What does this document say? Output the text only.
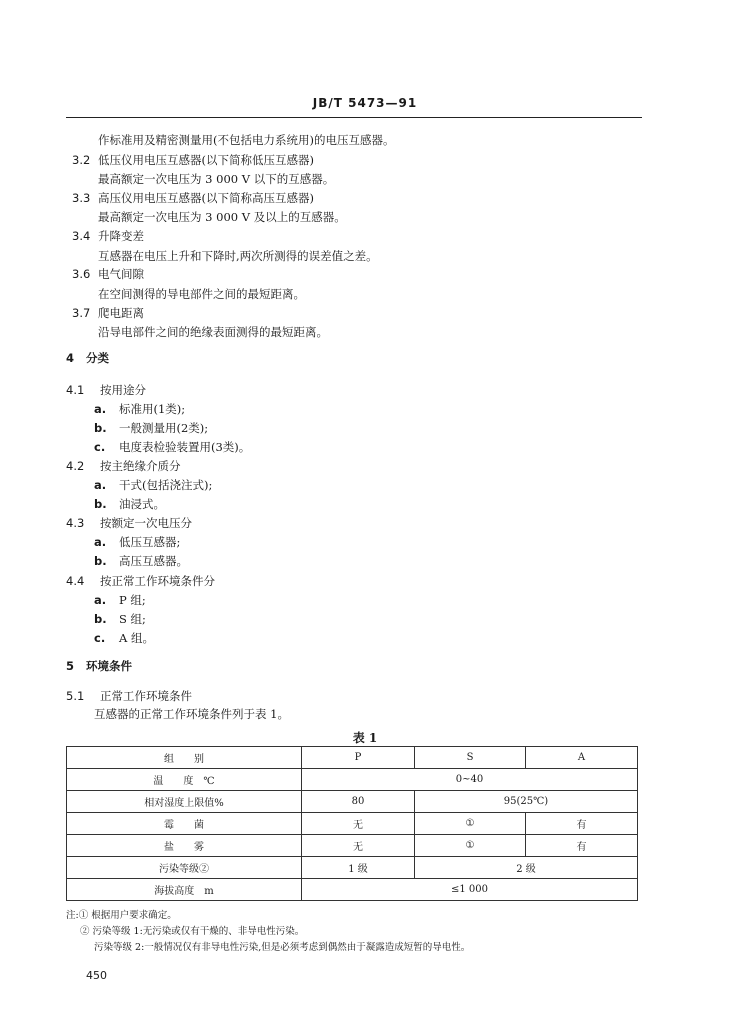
JB/T 5473—91
作标准用及精密测量用(不包括电力系统用)的电压互感器。
3.2 低压仪用电压互感器(以下简称低压互感器)
最高额定一次电压为 3 000 V 以下的互感器。
3.3 高压仪用电压互感器(以下简称高压互感器)
最高额定一次电压为 3 000 V 及以上的互感器。
3.4 升降变差
互感器在电压上升和下降时,两次所测得的误差值之差。
3.6 电气间隙
在空间测得的导电部件之间的最短距离。
3.7 爬电距离
沿导电部件之间的绝缘表面测得的最短距离。
4 分类
4.1 按用途分
a. 标准用(1类);
b. 一般测量用(2类);
c. 电度表检验装置用(3类)。
4.2 按主绝缘介质分
a. 干式(包括浇注式);
b. 油浸式。
4.3 按额定一次电压分
a. 低压互感器;
b. 高压互感器。
4.4 按正常工作环境条件分
a. P 组;
b. S 组;
c. A 组。
5 环境条件
5.1 正常工作环境条件
互感器的正常工作环境条件列于表 1。
表 1
组　　别	P	S	A
温　　度　℃	0~40		
相对湿度上限值%	80	95(25℃)	
霉　　菌	无	①	有
盐　　雾	无	①	有
污染等级②	1 级	2 级	
海拔高度　m	≤1 000		
注:① 根据用户要求确定。
② 污染等级 1:无污染或仅有干燥的、非导电性污染。
污染等级 2:一般情况仅有非导电性污染,但是必须考虑到偶然由于凝露造成短暂的导电性。
450
